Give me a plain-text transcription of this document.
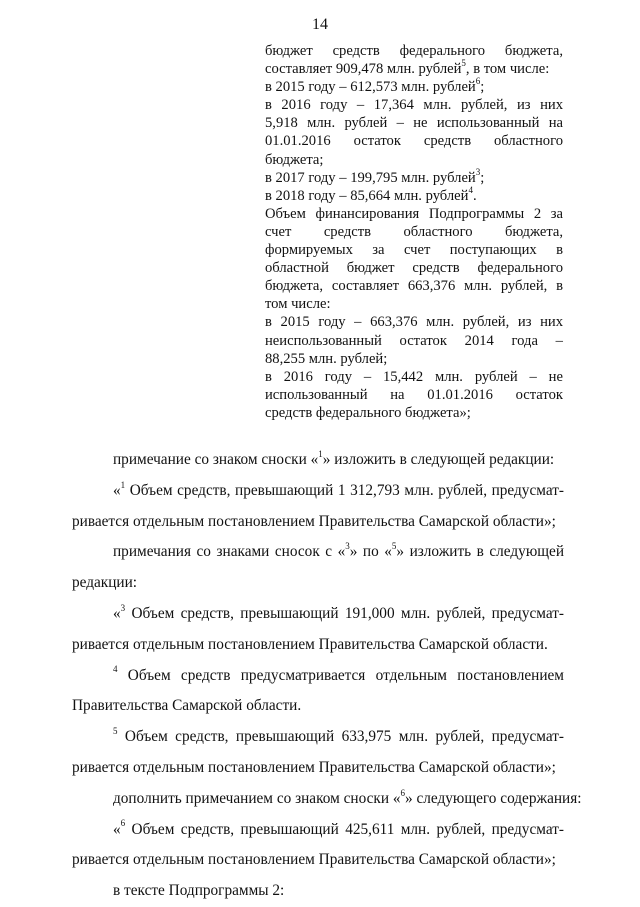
14
бюджет средств федерального бюджета,
составляет 909,478 млн. рублей$^5$, в том числе:
в 2015 году – 612,573 млн. рублей$^6$;
в 2016 году – 17,364 млн. рублей, из них
5,918 млн. рублей – не использованный на
01.01.2016 остаток средств областного
бюджета;
в 2017 году – 199,795 млн. рублей$^3$;
в 2018 году – 85,664 млн. рублей$^4$.
Объем финансирования Подпрограммы 2 за
счет средств областного бюджета,
формируемых за счет поступающих в
областной бюджет средств федерального
бюджета, составляет 663,376 млн. рублей, в
том числе:
в 2015 году – 663,376 млн. рублей, из них
неиспользованный остаток 2014 года –
88,255 млн. рублей;
в 2016 году – 15,442 млн. рублей – не
использованный на 01.01.2016 остаток
средств федерального бюджета»;
примечание со знаком сноски «$^1$» изложить в следующей редакции:
«$^1$ Объем средств, превышающий 1 312,793 млн. рублей, предусмат-
ривается отдельным постановлением Правительства Самарской области»;
примечания со знаками сносок с «$^3$» по «$^5$» изложить в следующей
редакции:
«$^3$ Объем средств, превышающий 191,000 млн. рублей, предусмат-
ривается отдельным постановлением Правительства Самарской области.
$^4$ Объем средств предусматривается отдельным постановлением
Правительства Самарской области.
$^5$ Объем средств, превышающий 633,975 млн. рублей, предусмат-
ривается отдельным постановлением Правительства Самарской области»;
дополнить примечанием со знаком сноски «$^6$» следующего содержания:
«$^6$ Объем средств, превышающий 425,611 млн. рублей, предусмат-
ривается отдельным постановлением Правительства Самарской области»;
в тексте Подпрограммы 2:
